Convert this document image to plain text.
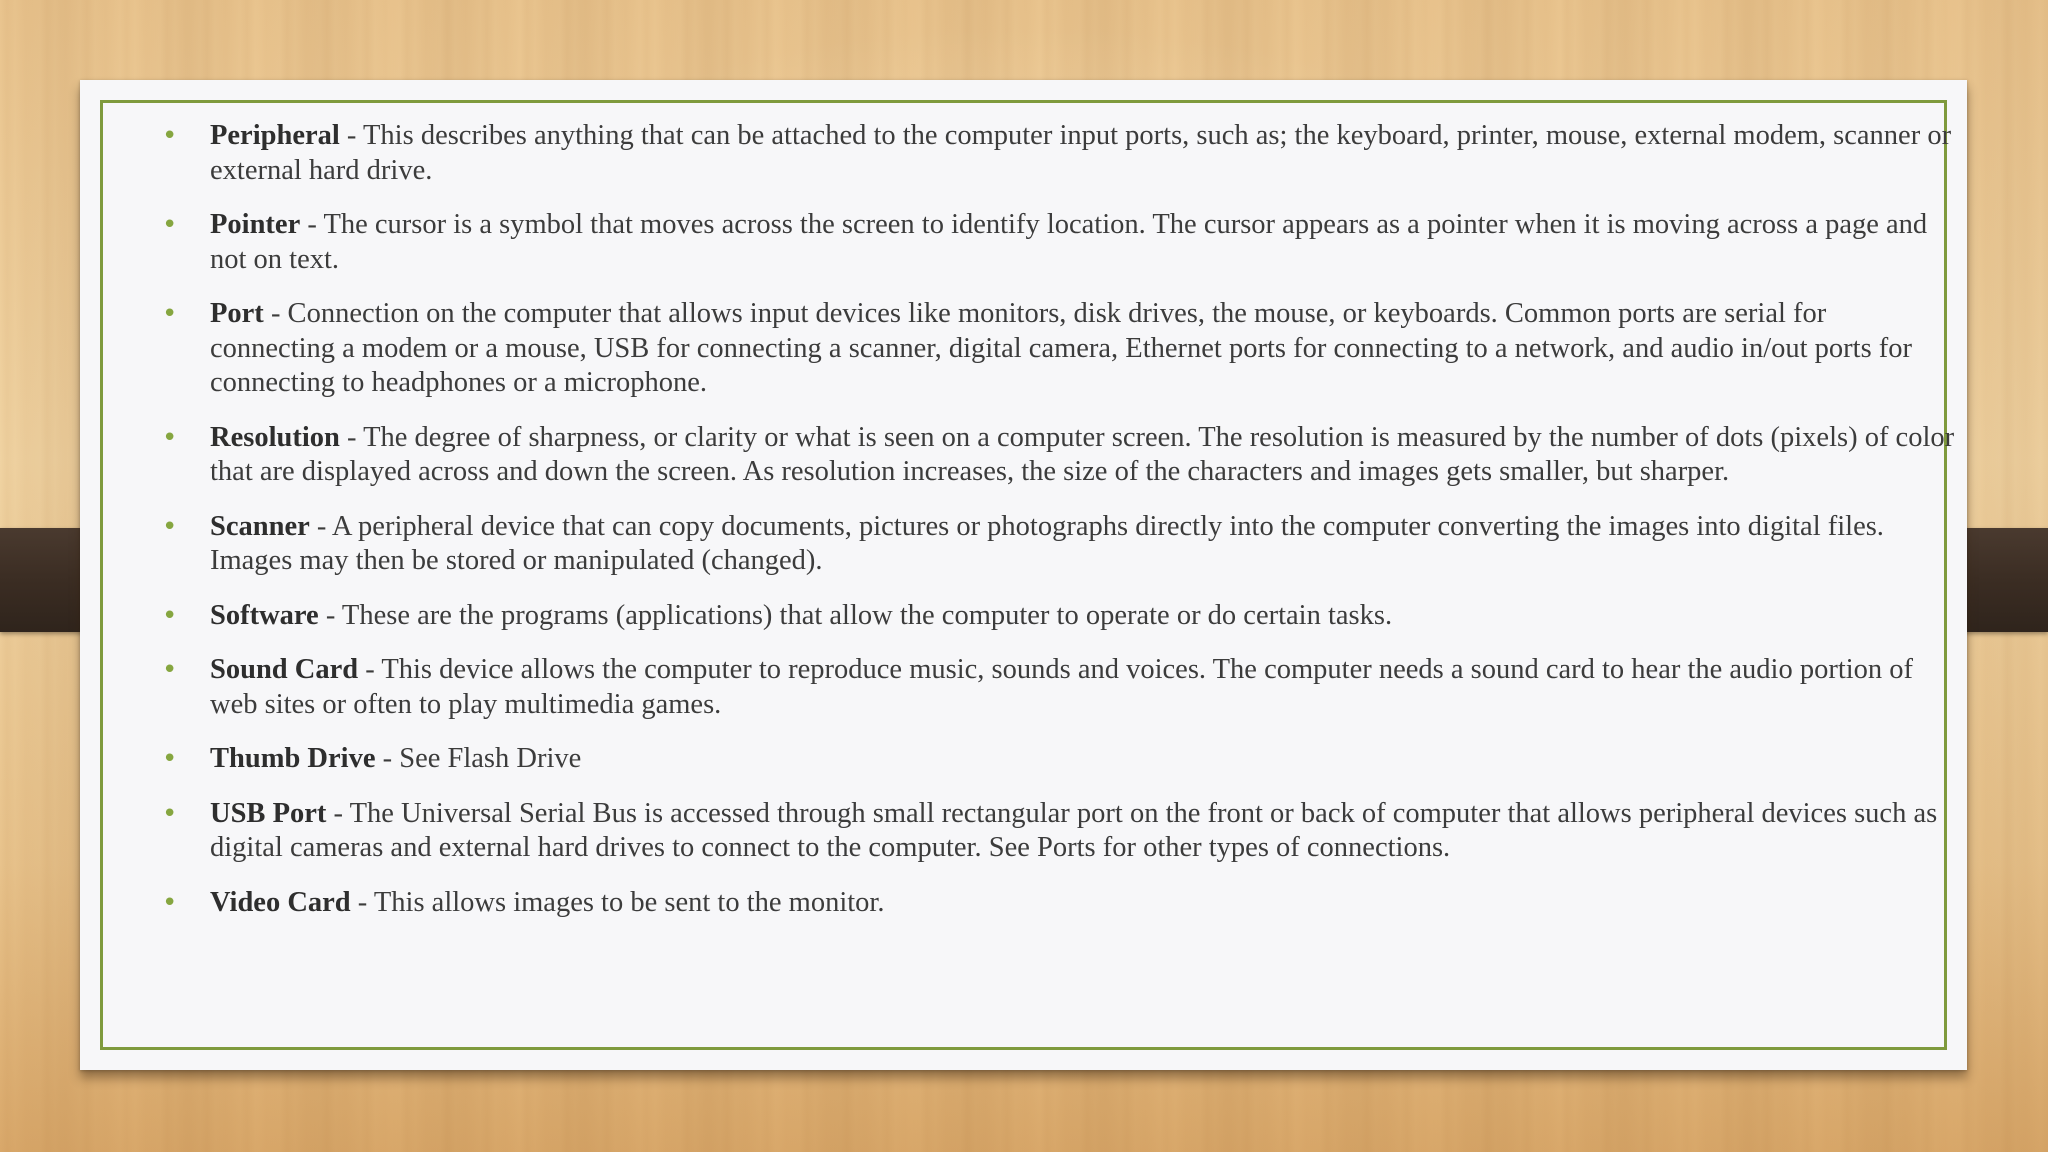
• Peripheral - This describes anything that can be attached to the computer input ports, such as; the keyboard, printer, mouse, external modem, scanner or external hard drive.
• Pointer - The cursor is a symbol that moves across the screen to identify location. The cursor appears as a pointer when it is moving across a page and not on text.
• Port - Connection on the computer that allows input devices like monitors, disk drives, the mouse, or keyboards. Common ports are serial for connecting a modem or a mouse, USB for connecting a scanner, digital camera, Ethernet ports for connecting to a network, and audio in/out ports for connecting to headphones or a microphone.
• Resolution - The degree of sharpness, or clarity or what is seen on a computer screen. The resolution is measured by the number of dots (pixels) of color that are displayed across and down the screen. As resolution increases, the size of the characters and images gets smaller, but sharper.
• Scanner - A peripheral device that can copy documents, pictures or photographs directly into the computer converting the images into digital files. Images may then be stored or manipulated (changed).
• Software - These are the programs (applications) that allow the computer to operate or do certain tasks.
• Sound Card - This device allows the computer to reproduce music, sounds and voices. The computer needs a sound card to hear the audio portion of web sites or often to play multimedia games.
• Thumb Drive - See Flash Drive
• USB Port - The Universal Serial Bus is accessed through small rectangular port on the front or back of computer that allows peripheral devices such as digital cameras and external hard drives to connect to the computer. See Ports for other types of connections.
• Video Card - This allows images to be sent to the monitor.
